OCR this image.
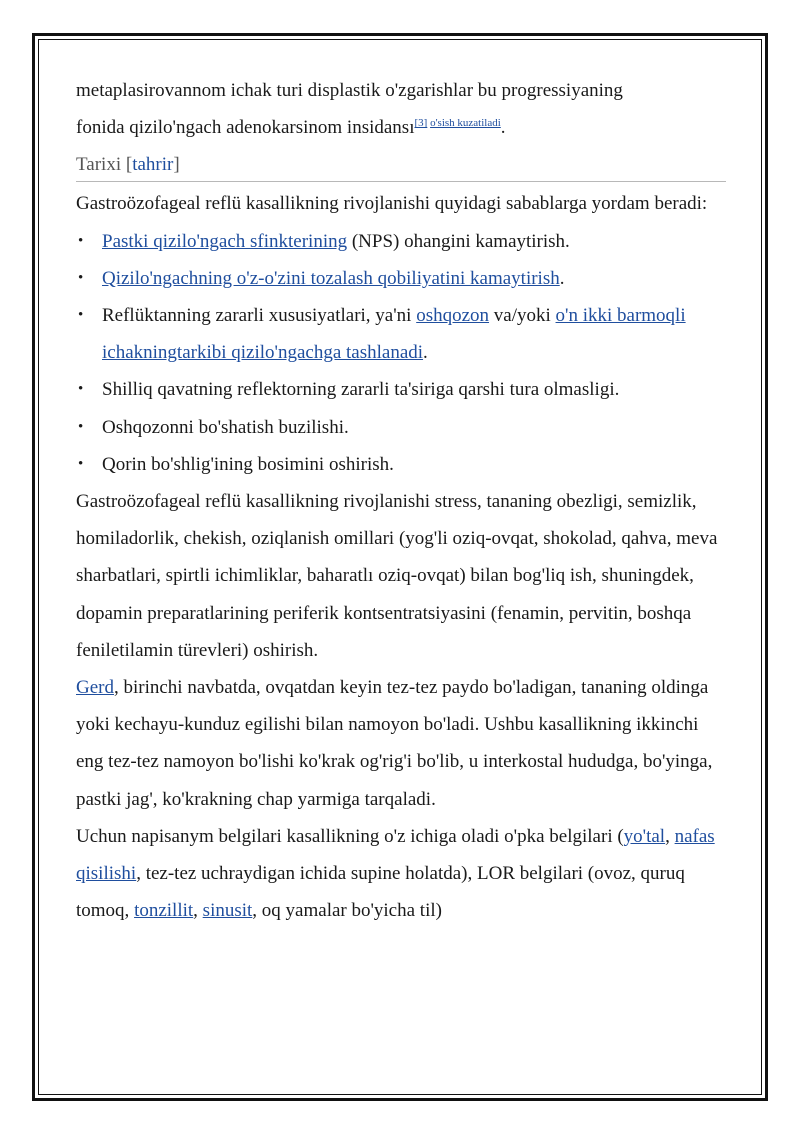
metaplasirovannom ichak turi displastik o'zgarishlar bu progressiyaning
fonida qizilo'ngach adenokarsinom insidansı$^{[3] o'sish kuzatiladi}$.

Tarixi [tahrir]

Gastroözofageal reflü kasallikning rivojlanishi quyidagi sabablarga yordam beradi:

• Pastki qizilo'ngach sfinkterining (NPS) ohangini kamaytirish.
• Qizilo'ngachning o'z-o'zini tozalash qobiliyatini kamaytirish.
• Reflüktanning zararli xususiyatlari, ya'ni oshqozon va/yoki o'n ikki barmoqli ichakningtarkibi qizilo'ngachga tashlanadi.
• Shilliq qavatning reflektorning zararli ta'siriga qarshi tura olmasligi.
• Oshqozonni bo'shatish buzilishi.
• Qorin bo'shlig'ining bosimini oshirish.

Gastroözofageal reflü kasallikning rivojlanishi stress, tananing obezligi, semizlik, homiladorlik, chekish, oziqlanish omillari (yog'li oziq-ovqat, shokolad, qahva, meva sharbatlari, spirtli ichimliklar, baharatlı oziq-ovqat) bilan bog'liq ish, shuningdek, dopamin preparatlarining periferik kontsentratsiyasini (fenamin, pervitin, boshqa feniletilamin türevleri) oshirish.

Gerd, birinchi navbatda, ovqatdan keyin tez-tez paydo bo'ladigan, tananing oldinga yoki kechayu-kunduz egilishi bilan namoyon bo'ladi. Ushbu kasallikning ikkinchi eng tez-tez namoyon bo'lishi ko'krak og'rig'i bo'lib, u interkostal hududga, bo'yinga, pastki jag', ko'krakning chap yarmiga tarqaladi.

Uchun napisanym belgilari kasallikning o'z ichiga oladi o'pka belgilari (yo'tal, nafas qisilishi, tez-tez uchraydigan ichida supine holatda), LOR belgilari (ovoz, quruq tomoq, tonzillit, sinusit, oq yamalar bo'yicha til)
